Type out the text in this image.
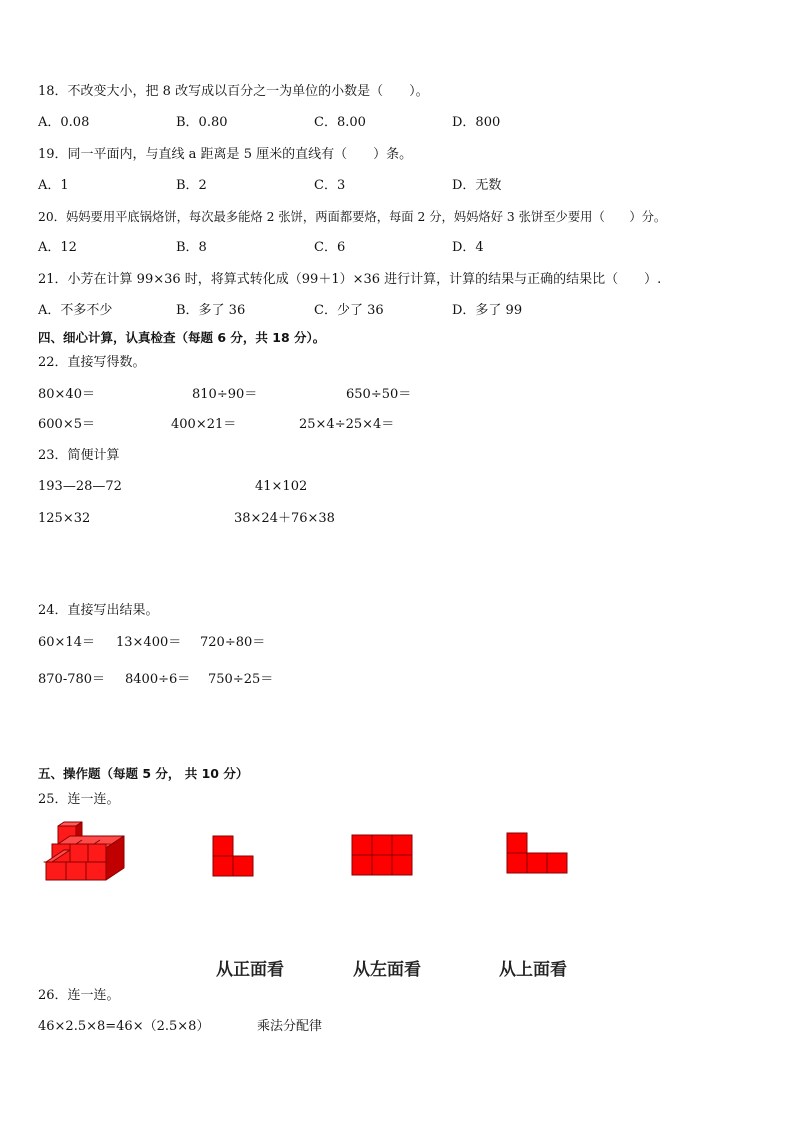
18．不改变大小，把 8 改写成以百分之一为单位的小数是（　　）。
A．0.08	B．0.80	C．8.00	D．800
19．同一平面内，与直线 a 距离是 5 厘米的直线有（　　）条。
A．1	B．2	C．3	D．无数
20．妈妈要用平底锅烙饼，每次最多能烙 2 张饼，两面都要烙，每面 2 分，妈妈烙好 3 张饼至少要用（　　）分。
A．12	B．8	C．6	D．4
21．小芳在计算 99×36 时，将算式转化成（99＋1）×36 进行计算，计算的结果与正确的结果比（　　）.
A．不多不少	B．多了 36	C．少了 36	D．多了 99
四、细心计算，认真检查（每题 6 分，共 18 分）。
22．直接写得数。
80×40＝	810÷90＝	650÷50＝
600×5＝	400×21＝	25×4÷25×4＝
23．简便计算
193—28—72	41×102
125×32	38×24＋76×38
24．直接写出结果。
60×14＝ 13×400＝ 720÷80＝
870-780＝ 8400÷6＝ 750÷25＝
五、操作题（每题 5 分， 共 10 分）
25．连一连。
从正面看	从左面看	从上面看
26．连一连。
46×2.5×8=46×（2.5×8）	乘法分配律
